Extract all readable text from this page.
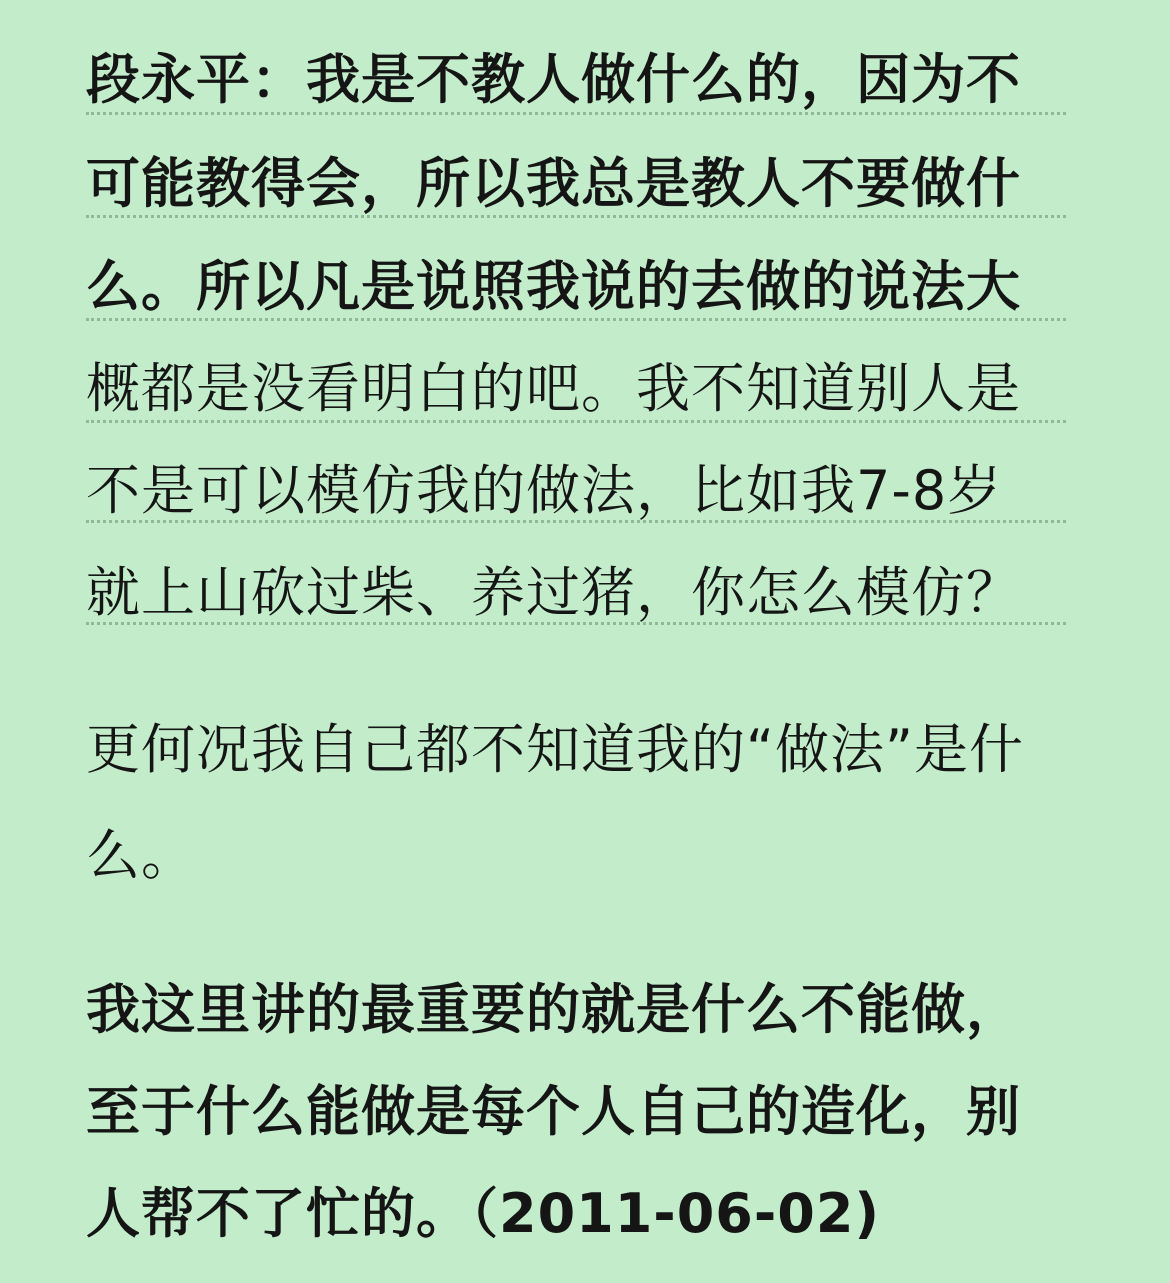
段永平：我是不教人做什么的，因为不
可能教得会，所以我总是教人不要做什
么。所以凡是说照我说的去做的说法大
概都是没看明白的吧。我不知道别人是
不是可以模仿我的做法，比如我7-8岁
就上山砍过柴、养过猪，你怎么模仿？
更何况我自己都不知道我的“做法”是什
么。
我这里讲的最重要的就是什么不能做，
至于什么能做是每个人自己的造化，别
人帮不了忙的。（2011-06-02)
